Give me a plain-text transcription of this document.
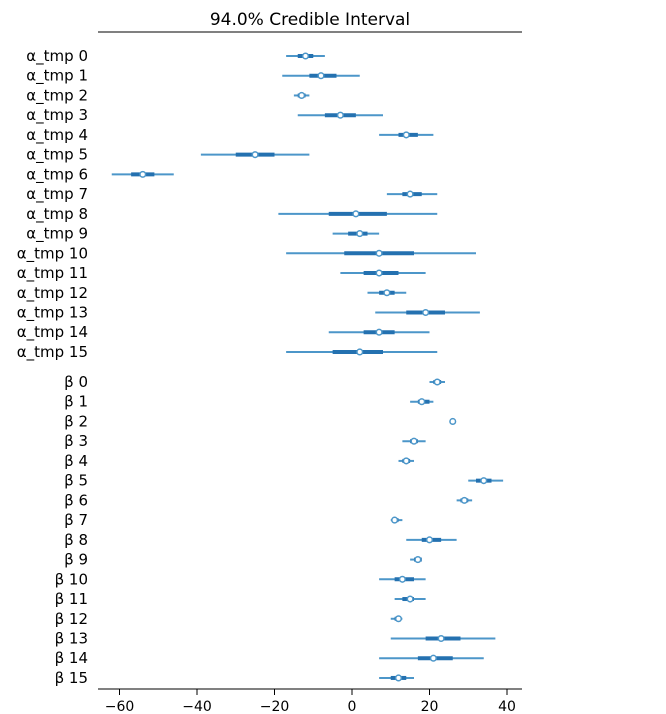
94.0% Credible Interval
−60	−40	−20	0	20	40
α_tmp 0
α_tmp 1
α_tmp 2
α_tmp 3
α_tmp 4
α_tmp 5
α_tmp 6
α_tmp 7
α_tmp 8
α_tmp 9
α_tmp 10
α_tmp 11
α_tmp 12
α_tmp 13
α_tmp 14
α_tmp 15
β 0
β 1
β 2
β 3
β 4
β 5
β 6
β 7
β 8
β 9
β 10
β 11
β 12
β 13
β 14
β 15
